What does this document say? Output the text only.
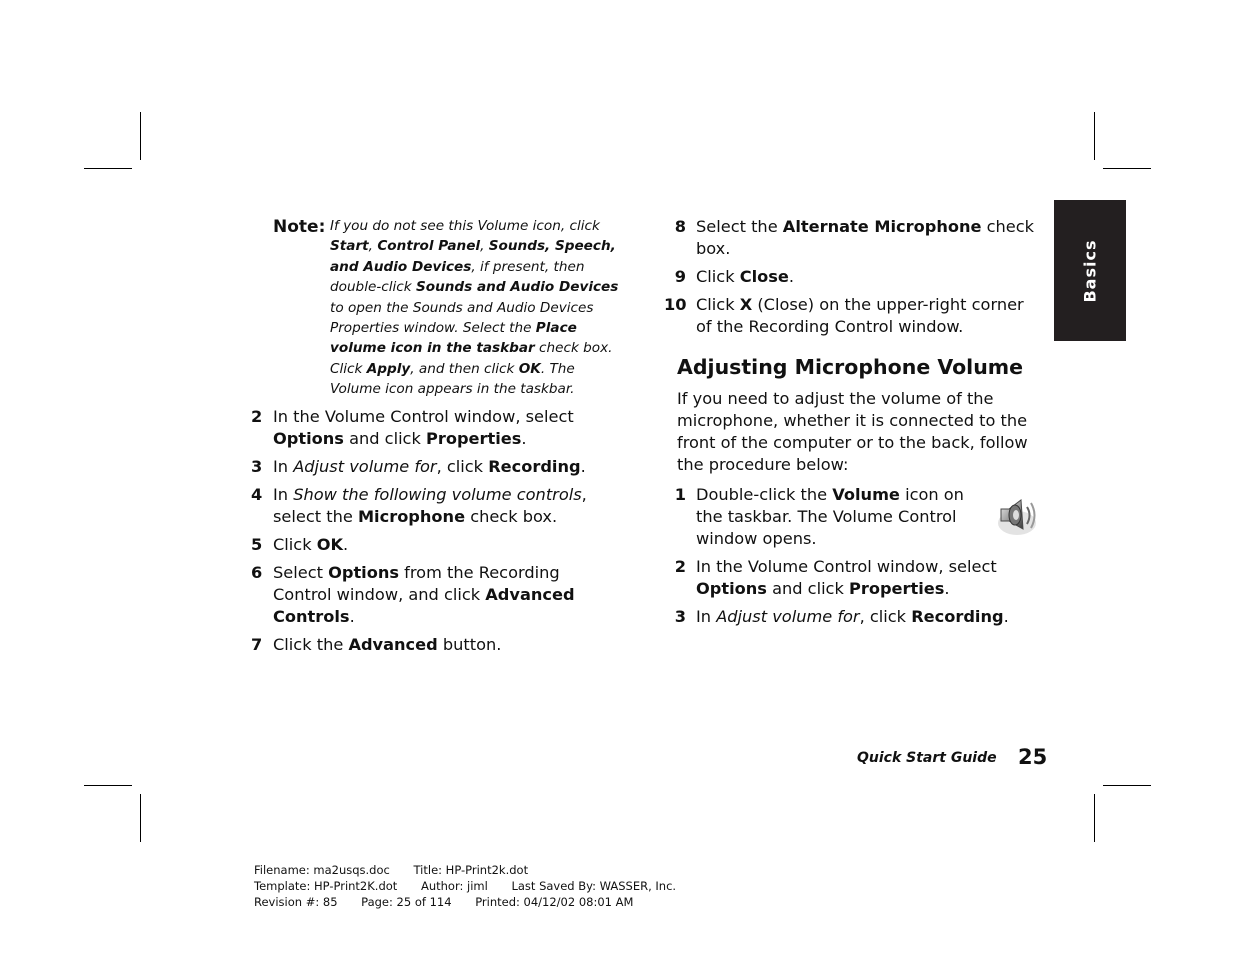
Basics
Note: If you do not see this Volume icon, click Start, Control Panel, Sounds, Speech, and Audio Devices, if present, then double-click Sounds and Audio Devices to open the Sounds and Audio Devices Properties window. Select the Place volume icon in the taskbar check box. Click Apply, and then click OK. The Volume icon appears in the taskbar.
2 In the Volume Control window, select Options and click Properties.
3 In Adjust volume for, click Recording.
4 In Show the following volume controls, select the Microphone check box.
5 Click OK.
6 Select Options from the Recording Control window, and click Advanced Controls.
7 Click the Advanced button.
8 Select the Alternate Microphone check box.
9 Click Close.
10 Click X (Close) on the upper-right corner of the Recording Control window.
Adjusting Microphone Volume
If you need to adjust the volume of the microphone, whether it is connected to the front of the computer or to the back, follow the procedure below:
1 Double-click the Volume icon on the taskbar. The Volume Control window opens.
2 In the Volume Control window, select Options and click Properties.
3 In Adjust volume for, click Recording.
Quick Start Guide 25
Filename: ma2usqs.doc Title: HP-Print2k.dot
Template: HP-Print2K.dot Author: jiml Last Saved By: WASSER, Inc.
Revision #: 85 Page: 25 of 114 Printed: 04/12/02 08:01 AM
